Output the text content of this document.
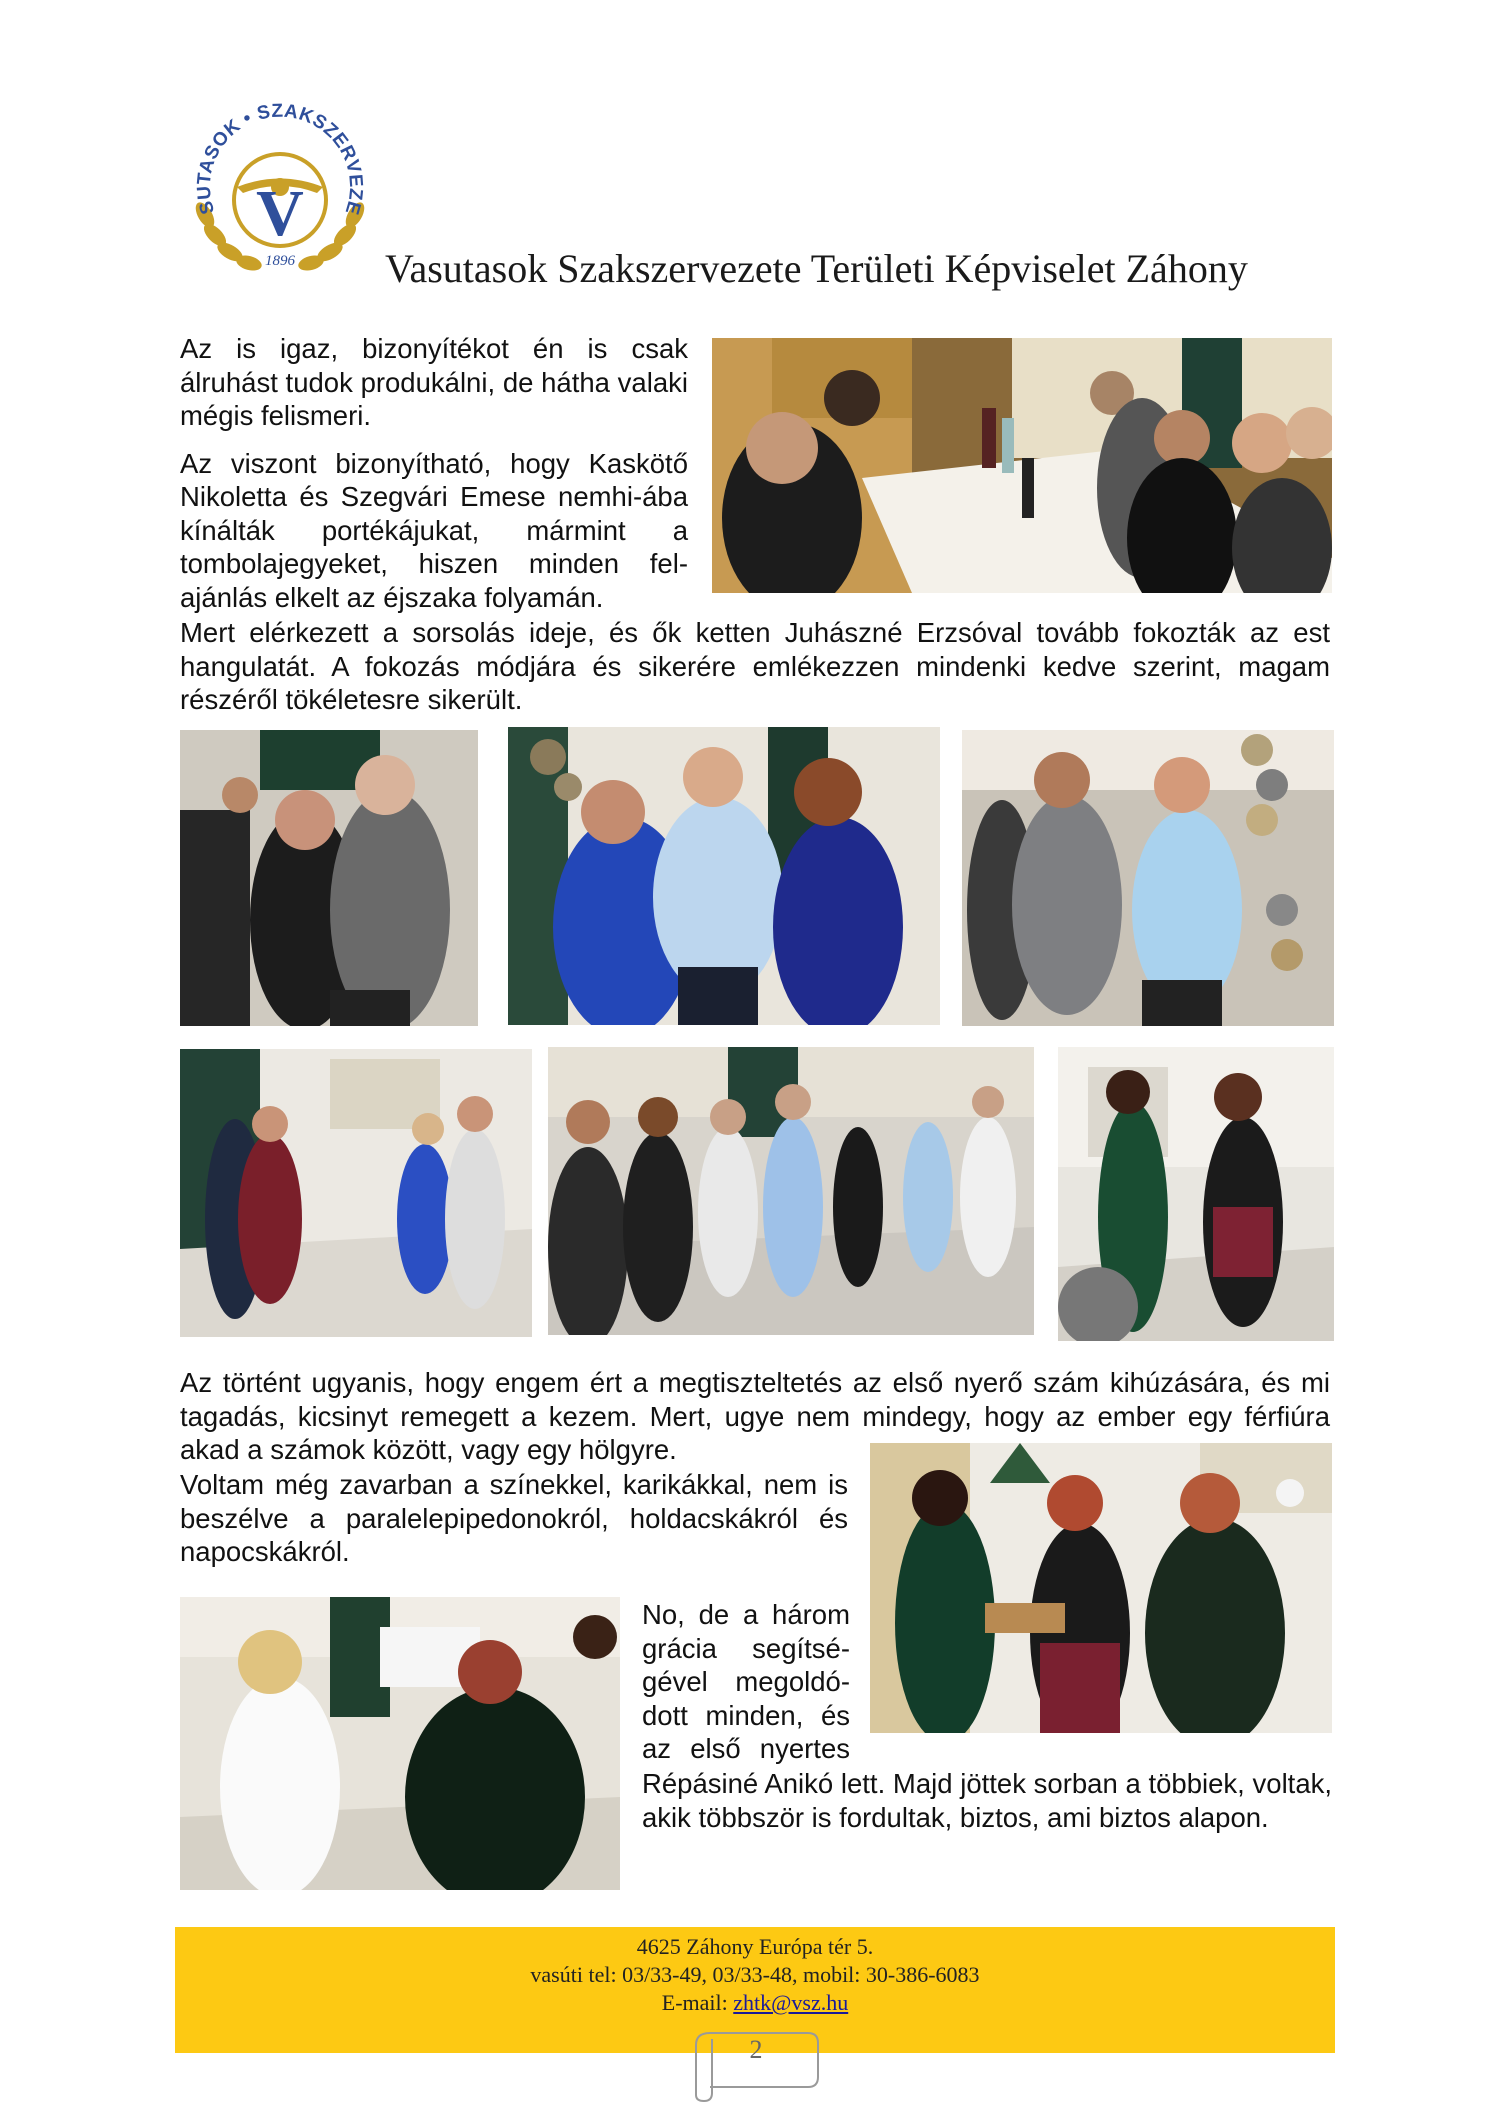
SUTASOK • SZAKSZERVEZE
V
1896 Vasutasok Szakszervezete Területi Képviselet Záhony

Az is igaz, bizonyítékot én is csak álruhást tudok produkálni, de hátha valaki mégis felismeri.

Az viszont bizonyítható, hogy Kaskötő Nikoletta és Szegvári Emese nemhi-ába kínálták portékájukat, mármint a tombolajegyeket, hiszen minden fel-ajánlás elkelt az éjszaka folyamán.

Mert elérkezett a sorsolás ideje, és ők ketten Juhászné Erzsóval tovább fokozták az est hangulatát. A fokozás módjára és sikerére emlékezzen mindenki kedve szerint, magam részéről tökéletesre sikerült.

Az történt ugyanis, hogy engem ért a megtiszteltetés az első nyerő szám kihúzására, és mi tagadás, kicsinyt remegett a kezem. Mert, ugye nem mindegy, hogy az ember egy férfiúra akad a számok között, vagy egy hölgyre.

Voltam még zavarban a színekkel, karikákkal, nem is beszélve a paralelepipedonokról, holdacskákról és napocskákról.

No, de a három grácia segítsé-gével megoldó-dott minden, és az első nyertes

Répásiné Anikó lett. Majd jöttek sorban a többiek, voltak, akik többször is fordultak, biztos, ami biztos alapon.

4625 Záhony Európa tér 5.
vasúti tel: 03/33-49, 03/33-48, mobil: 30-386-6083
E-mail: zhtk@vsz.hu
2
